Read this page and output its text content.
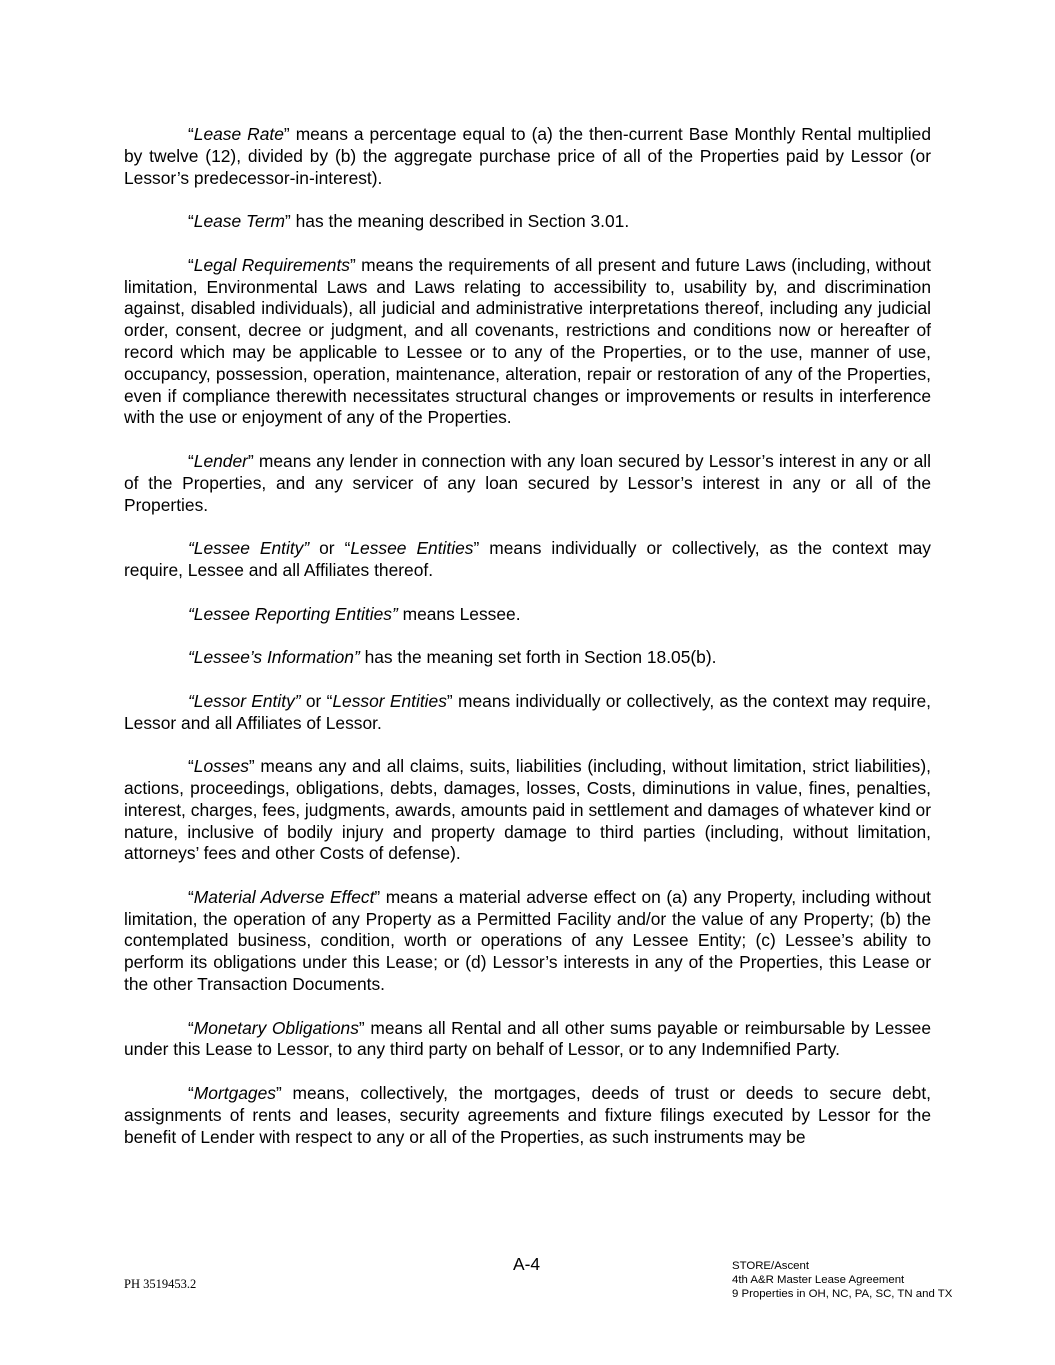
“Lease Rate” means a percentage equal to (a) the then-current Base Monthly Rental multiplied by twelve (12), divided by (b) the aggregate purchase price of all of the Properties paid by Lessor (or Lessor’s predecessor-in-interest).

“Lease Term” has the meaning described in Section 3.01.

“Legal Requirements” means the requirements of all present and future Laws (including, without limitation, Environmental Laws and Laws relating to accessibility to, usability by, and discrimination against, disabled individuals), all judicial and administrative interpretations thereof, including any judicial order, consent, decree or judgment, and all covenants, restrictions and conditions now or hereafter of record which may be applicable to Lessee or to any of the Properties, or to the use, manner of use, occupancy, possession, operation, maintenance, alteration, repair or restoration of any of the Properties, even if compliance therewith necessitates structural changes or improvements or results in interference with the use or enjoyment of any of the Properties.

“Lender” means any lender in connection with any loan secured by Lessor’s interest in any or all of the Properties, and any servicer of any loan secured by Lessor’s interest in any or all of the Properties.

“Lessee Entity” or “Lessee Entities” means individually or collectively, as the context may require, Lessee and all Affiliates thereof.

“Lessee Reporting Entities” means Lessee.

“Lessee’s Information” has the meaning set forth in Section 18.05(b).

“Lessor Entity” or “Lessor Entities” means individually or collectively, as the context may require, Lessor and all Affiliates of Lessor.

“Losses” means any and all claims, suits, liabilities (including, without limitation, strict liabilities), actions, proceedings, obligations, debts, damages, losses, Costs, diminutions in value, fines, penalties, interest, charges, fees, judgments, awards, amounts paid in settlement and damages of whatever kind or nature, inclusive of bodily injury and property damage to third parties (including, without limitation, attorneys’ fees and other Costs of defense).

“Material Adverse Effect” means a material adverse effect on (a) any Property, including without limitation, the operation of any Property as a Permitted Facility and/or the value of any Property; (b) the contemplated business, condition, worth or operations of any Lessee Entity; (c) Lessee’s ability to perform its obligations under this Lease; or (d) Lessor’s interests in any of the Properties, this Lease or the other Transaction Documents.

“Monetary Obligations” means all Rental and all other sums payable or reimbursable by Lessee under this Lease to Lessor, to any third party on behalf of Lessor, or to any Indemnified Party.

“Mortgages” means, collectively, the mortgages, deeds of trust or deeds to secure debt, assignments of rents and leases, security agreements and fixture filings executed by Lessor for the benefit of Lender with respect to any or all of the Properties, as such instruments may be

A-4
PH 3519453.2
STORE/Ascent
4th A&R Master Lease Agreement
9 Properties in OH, NC, PA, SC, TN and TX
